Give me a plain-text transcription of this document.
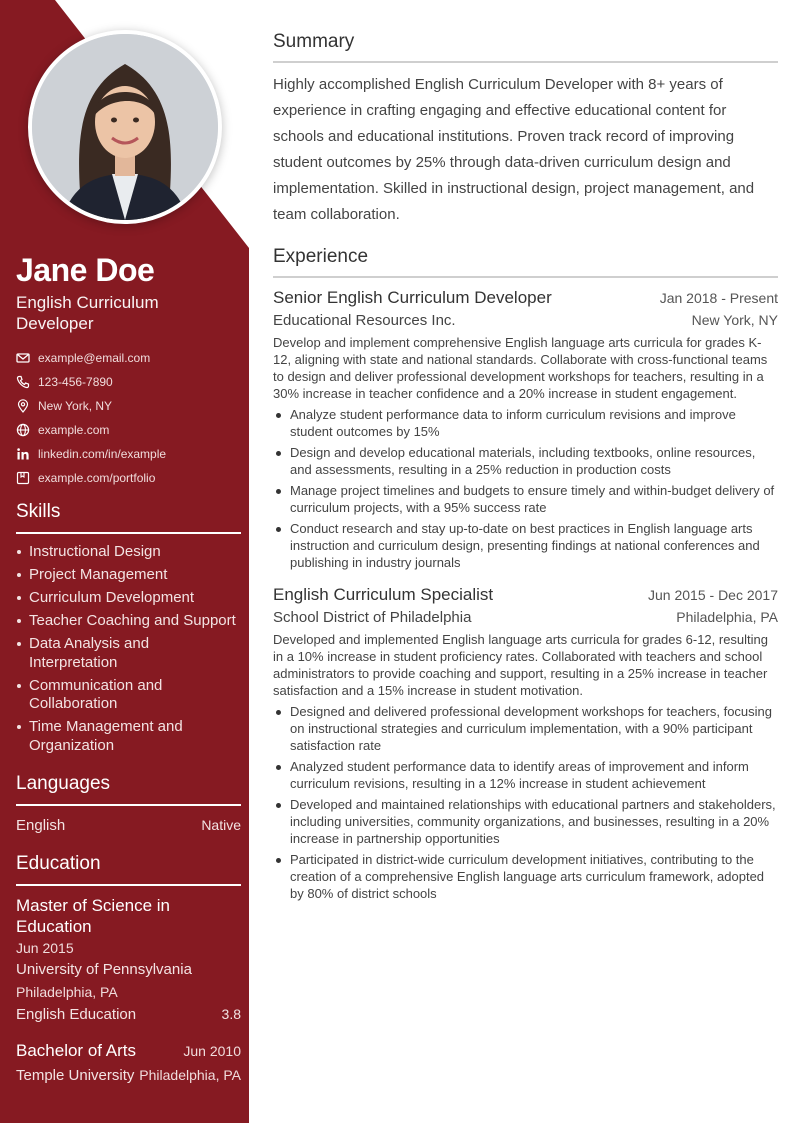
Jane Doe
English Curriculum Developer
example@email.com
123-456-7890
New York, NY
example.com
linkedin.com/in/example
example.com/portfolio
Skills
Instructional Design
Project Management
Curriculum Development
Teacher Coaching and Support
Data Analysis and Interpretation
Communication and Collaboration
Time Management and Organization
Languages
English	Native
Education
Master of Science in Education
Jun 2015
University of Pennsylvania
Philadelphia, PA
English Education	3.8
Bachelor of Arts	Jun 2010
Temple University Philadelphia, PA
Summary

Highly accomplished English Curriculum Developer with 8+ years of experience in crafting engaging and effective educational content for schools and educational institutions. Proven track record of improving student outcomes by 25% through data-driven curriculum design and implementation. Skilled in instructional design, project management, and team collaboration.

Experience
Senior English Curriculum Developer	Jan 2018 - Present
Educational Resources Inc.	New York, NY

Develop and implement comprehensive English language arts curricula for grades K-12, aligning with state and national standards. Collaborate with cross-functional teams to design and deliver professional development workshops for teachers, resulting in a 30% increase in teacher confidence and a 20% increase in student engagement.

Analyze student performance data to inform curriculum revisions and improve student outcomes by 15%
Design and develop educational materials, including textbooks, online resources, and assessments, resulting in a 25% reduction in production costs
Manage project timelines and budgets to ensure timely and within-budget delivery of curriculum projects, with a 95% success rate
Conduct research and stay up-to-date on best practices in English language arts instruction and curriculum design, presenting findings at national conferences and publishing in industry journals
English Curriculum Specialist	Jun 2015 - Dec 2017
School District of Philadelphia	Philadelphia, PA

Developed and implemented English language arts curricula for grades 6-12, resulting in a 10% increase in student proficiency rates. Collaborated with teachers and school administrators to provide coaching and support, resulting in a 25% increase in teacher satisfaction and a 15% increase in student motivation.

Designed and delivered professional development workshops for teachers, focusing on instructional strategies and curriculum implementation, with a 90% participant satisfaction rate
Analyzed student performance data to identify areas of improvement and inform curriculum revisions, resulting in a 12% increase in student achievement
Developed and maintained relationships with educational partners and stakeholders, including universities, community organizations, and businesses, resulting in a 20% increase in partnership opportunities
Participated in district-wide curriculum development initiatives, contributing to the creation of a comprehensive English language arts curriculum framework, adopted by 80% of district schools
